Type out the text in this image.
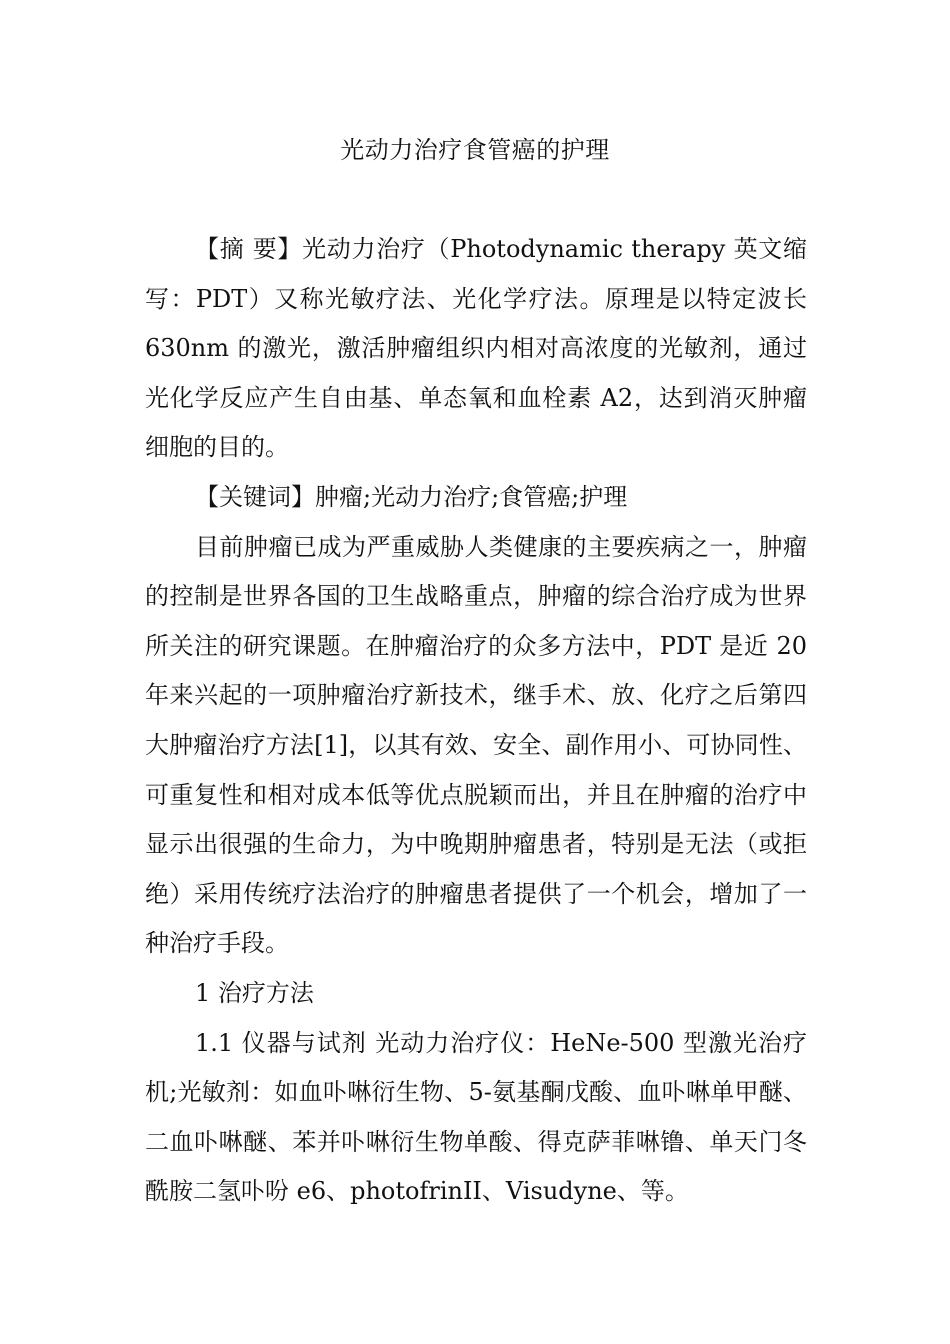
光动力治疗食管癌的护理

【摘 要】光动力治疗（Photodynamic therapy 英文缩写：PDT）又称光敏疗法、光化学疗法。原理是以特定波长 630nm 的激光，激活肿瘤组织内相对高浓度的光敏剂，通过光化学反应产生自由基、单态氧和血栓素 A2，达到消灭肿瘤细胞的目的。

【关键词】肿瘤;光动力治疗;食管癌;护理

目前肿瘤已成为严重威胁人类健康的主要疾病之一，肿瘤的控制是世界各国的卫生战略重点，肿瘤的综合治疗成为世界所关注的研究课题。在肿瘤治疗的众多方法中，PDT 是近 20 年来兴起的一项肿瘤治疗新技术，继手术、放、化疗之后第四大肿瘤治疗方法[1]，以其有效、安全、副作用小、可协同性、可重复性和相对成本低等优点脱颖而出，并且在肿瘤的治疗中显示出很强的生命力，为中晚期肿瘤患者，特别是无法（或拒绝）采用传统疗法治疗的肿瘤患者提供了一个机会，增加了一种治疗手段。

1 治疗方法

1.1 仪器与试剂 光动力治疗仪：HeNe-500 型激光治疗机;光敏剂：如血卟啉衍生物、5-氨基酮戊酸、血卟啉单甲醚、二血卟啉醚、苯并卟啉衍生物单酸、得克萨菲啉镥、单天门冬酰胺二氢卟吩 e6、photofrinII、Visudyne、等。
